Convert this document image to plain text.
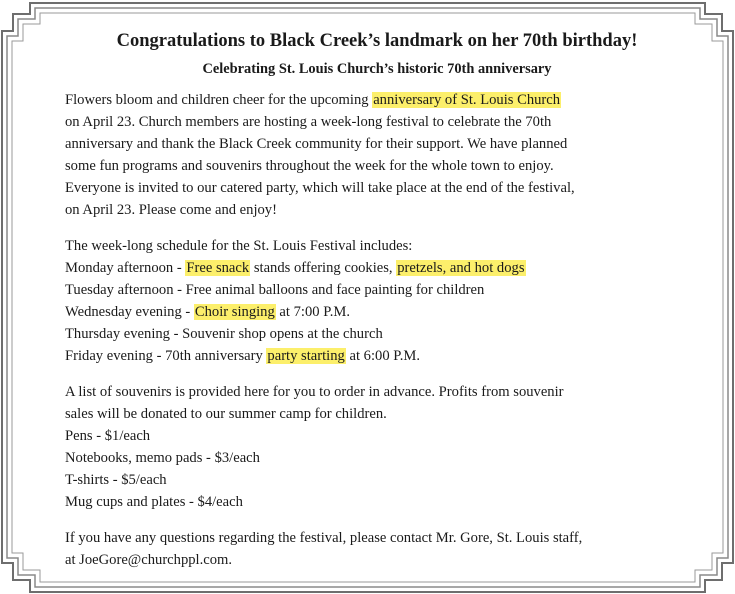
Congratulations to Black Creek’s landmark on her 70th birthday!
Celebrating St. Louis Church’s historic 70th anniversary
Flowers bloom and children cheer for the upcoming anniversary of St. Louis Church
on April 23. Church members are hosting a week-long festival to celebrate the 70th
anniversary and thank the Black Creek community for their support. We have planned
some fun programs and souvenirs throughout the week for the whole town to enjoy.
Everyone is invited to our catered party, which will take place at the end of the festival,
on April 23. Please come and enjoy!
The week-long schedule for the St. Louis Festival includes:
Monday afternoon - Free snack stands offering cookies, pretzels, and hot dogs
Tuesday afternoon - Free animal balloons and face painting for children
Wednesday evening - Choir singing at 7:00 P.M.
Thursday evening - Souvenir shop opens at the church
Friday evening - 70th anniversary party starting at 6:00 P.M.
A list of souvenirs is provided here for you to order in advance. Profits from souvenir
sales will be donated to our summer camp for children.
Pens - $1/each
Notebooks, memo pads - $3/each
T-shirts - $5/each
Mug cups and plates - $4/each
If you have any questions regarding the festival, please contact Mr. Gore, St. Louis staff,
at JoeGore@churchppl.com.
